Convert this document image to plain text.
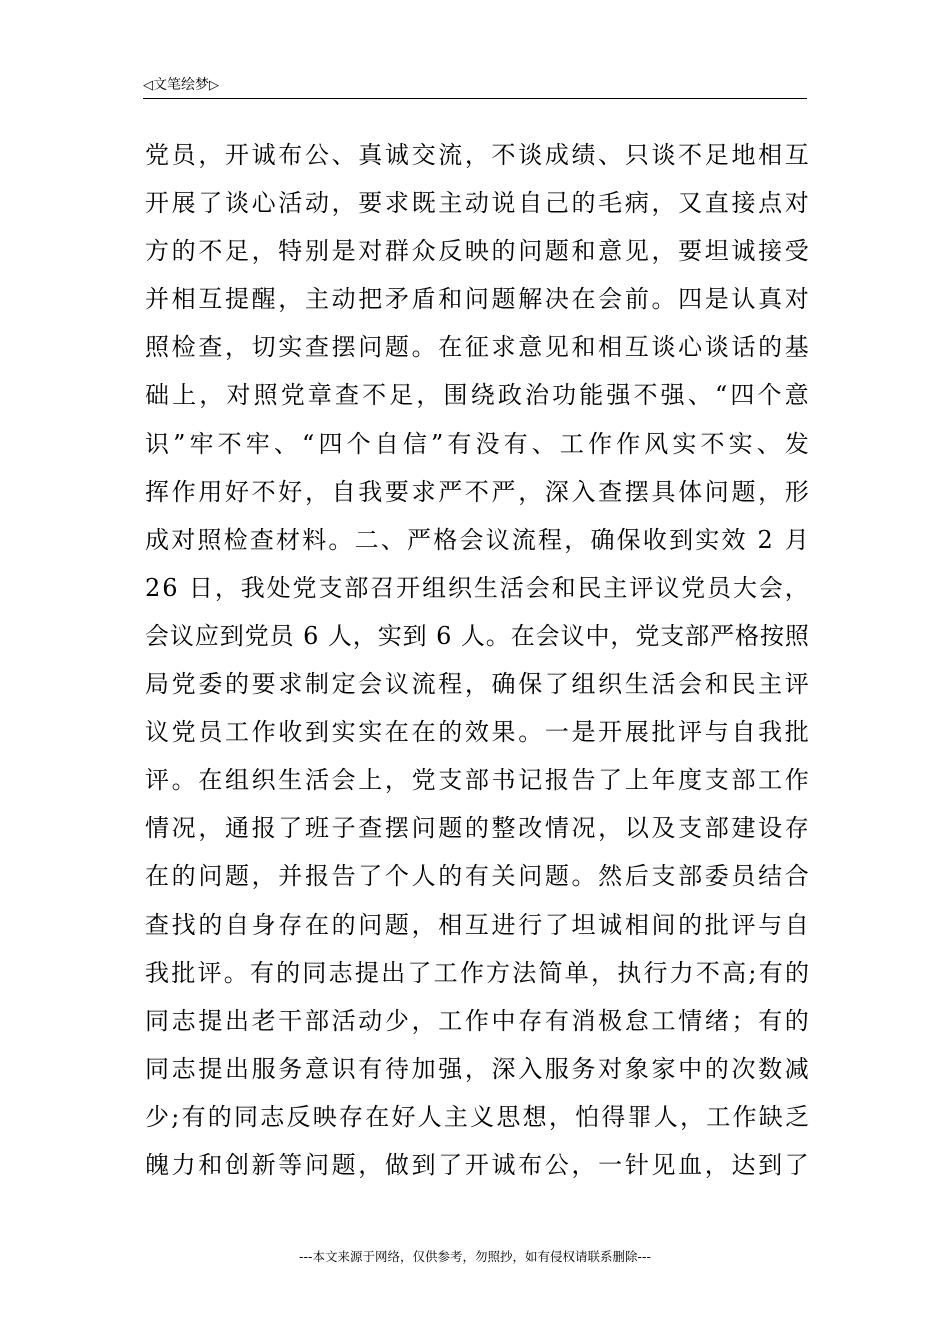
◁文笔绘梦▷
党 员 ， 开 诚 布 公 、 真 诚 交 流 ， 不 谈 成 绩 、 只 谈 不 足 地 相 互
开 展 了 谈 心 活 动 ， 要 求 既 主 动 说 自 己 的 毛 病 ， 又 直 接 点 对
方 的 不 足 ， 特 别 是 对 群 众 反 映 的 问 题 和 意 见 ， 要 坦 诚 接 受
并 相 互 提 醒 ， 主 动 把 矛 盾 和 问 题 解 决 在 会 前 。 四 是 认 真 对
照 检 查 ， 切 实 查 摆 问 题 。 在 征 求 意 见 和 相 互 谈 心 谈 话 的 基
础 上 ， 对 照 党 章 查 不 足 ， 围 绕 政 治 功 能 强 不 强 、 “ 四 个 意
识 ” 牢 不 牢 、 “ 四 个 自 信 ” 有 没 有 、 工 作 作 风 实 不 实 、 发
挥 作 用 好 不 好 ， 自 我 要 求 严 不 严 ， 深 入 查 摆 具 体 问 题 ， 形
成 对 照 检 查 材 料 。 二 、 严 格 会 议 流 程 ， 确 保 收 到 实 效
2
月
2 6
日 ， 我 处 党 支 部 召 开 组 织 生 活 会 和 民 主 评 议 党 员 大 会 ，
会 议 应 到 党 员
6
人 ， 实 到
6
人 。 在 会 议 中 ， 党 支 部 严 格 按 照
局 党 委 的 要 求 制 定 会 议 流 程 ， 确 保 了 组 织 生 活 会 和 民 主 评
议 党 员 工 作 收 到 实 实 在 在 的 效 果 。 一 是 开 展 批 评 与 自 我 批
评 。 在 组 织 生 活 会 上 ， 党 支 部 书 记 报 告 了 上 年 度 支 部 工 作
情 况 ， 通 报 了 班 子 查 摆 问 题 的 整 改 情 况 ， 以 及 支 部 建 设 存
在 的 问 题 ， 并 报 告 了 个 人 的 有 关 问 题 。 然 后 支 部 委 员 结 合
查 找 的 自 身 存 在 的 问 题 ， 相 互 进 行 了 坦 诚 相 间 的 批 评 与 自
我 批 评 。 有 的 同 志 提 出 了 工 作 方 法 简 单 ， 执 行 力 不 高 ; 有 的
同 志 提 出 老 干 部 活 动 少 ， 工 作 中 存 有 消 极 怠 工 情 绪 ； 有 的
同 志 提 出 服 务 意 识 有 待 加 强 ， 深 入 服 务 对 象 家 中 的 次 数 减
少 ; 有 的 同 志 反 映 存 在 好 人 主 义 思 想 ， 怕 得 罪 人 ， 工 作 缺 乏
魄 力 和 创 新 等 问 题 ， 做 到 了 开 诚 布 公 ， 一 针 见 血 ， 达 到 了
---本文来源于网络，仅供参考，勿照抄，如有侵权请联系删除---
